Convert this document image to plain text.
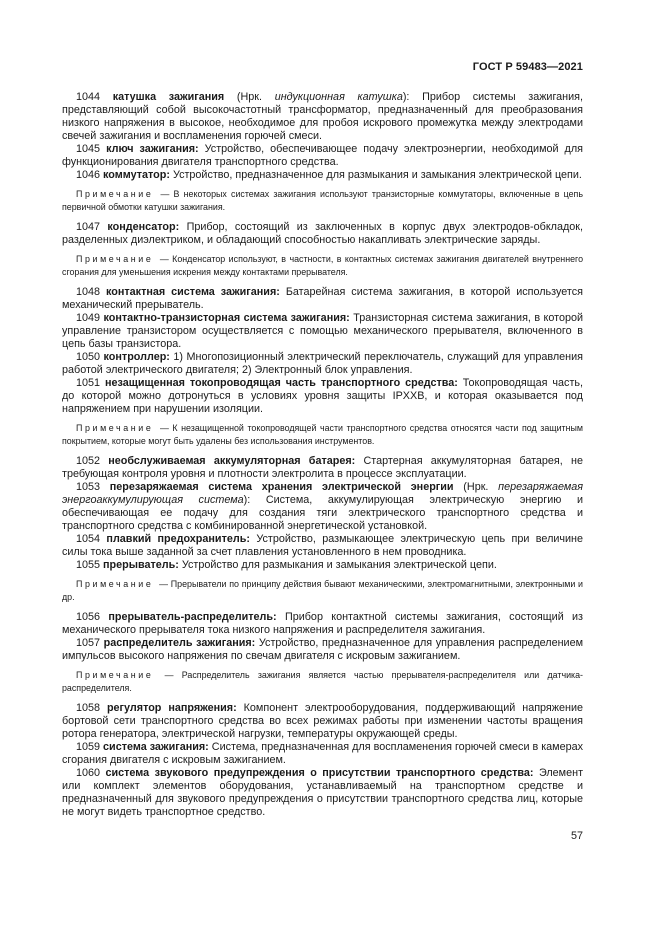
ГОСТ Р 59483—2021

1044 катушка зажигания (Нрк. индукционная катушка): Прибор системы зажигания, представляющий собой высокочастотный трансформатор, предназначенный для преобразования низкого напряжения в высокое, необходимое для пробоя искрового промежутка между электродами свечей зажигания и воспламенения горючей смеси.

1045 ключ зажигания: Устройство, обеспечивающее подачу электроэнергии, необходимой для функционирования двигателя транспортного средства.

1046 коммутатор: Устройство, предназначенное для размыкания и замыкания электрической цепи.

Примечание — В некоторых системах зажигания используют транзисторные коммутаторы, включенные в цепь первичной обмотки катушки зажигания.

1047 конденсатор: Прибор, состоящий из заключенных в корпус двух электродов-обкладок, разделенных диэлектриком, и обладающий способностью накапливать электрические заряды.

Примечание — Конденсатор используют, в частности, в контактных системах зажигания двигателей внутреннего сгорания для уменьшения искрения между контактами прерывателя.

1048 контактная система зажигания: Батарейная система зажигания, в которой используется механический прерыватель.

1049 контактно-транзисторная система зажигания: Транзисторная система зажигания, в которой управление транзистором осуществляется с помощью механического прерывателя, включенного в цепь базы транзистора.

1050 контроллер: 1) Многопозиционный электрический переключатель, служащий для управления работой электрического двигателя; 2) Электронный блок управления.

1051 незащищенная токопроводящая часть транспортного средства: Токопроводящая часть, до которой можно дотронуться в условиях уровня защиты IPXXB, и которая оказывается под напряжением при нарушении изоляции.

Примечание — К незащищенной токопроводящей части транспортного средства относятся части под защитным покрытием, которые могут быть удалены без использования инструментов.

1052 необслуживаемая аккумуляторная батарея: Стартерная аккумуляторная батарея, не требующая контроля уровня и плотности электролита в процессе эксплуатации.

1053 перезаряжаемая система хранения электрической энергии (Нрк. перезаряжаемая энергоаккумулирующая система): Система, аккумулирующая электрическую энергию и обеспечивающая ее подачу для создания тяги электрического транспортного средства и транспортного средства с комбинированной энергетической установкой.

1054 плавкий предохранитель: Устройство, размыкающее электрическую цепь при величине силы тока выше заданной за счет плавления установленного в нем проводника.

1055 прерыватель: Устройство для размыкания и замыкания электрической цепи.

Примечание — Прерыватели по принципу действия бывают механическими, электромагнитными, электронными и др.

1056 прерыватель-распределитель: Прибор контактной системы зажигания, состоящий из механического прерывателя тока низкого напряжения и распределителя зажигания.

1057 распределитель зажигания: Устройство, предназначенное для управления распределением импульсов высокого напряжения по свечам двигателя с искровым зажиганием.

Примечание — Распределитель зажигания является частью прерывателя-распределителя или датчика-распределителя.

1058 регулятор напряжения: Компонент электрооборудования, поддерживающий напряжение бортовой сети транспортного средства во всех режимах работы при изменении частоты вращения ротора генератора, электрической нагрузки, температуры окружающей среды.

1059 система зажигания: Система, предназначенная для воспламенения горючей смеси в камерах сгорания двигателя с искровым зажиганием.

1060 система звукового предупреждения о присутствии транспортного средства: Элемент или комплект элементов оборудования, устанавливаемый на транспортном средстве и предназначенный для звукового предупреждения о присутствии транспортного средства лиц, которые не могут видеть транспортное средство.

57
